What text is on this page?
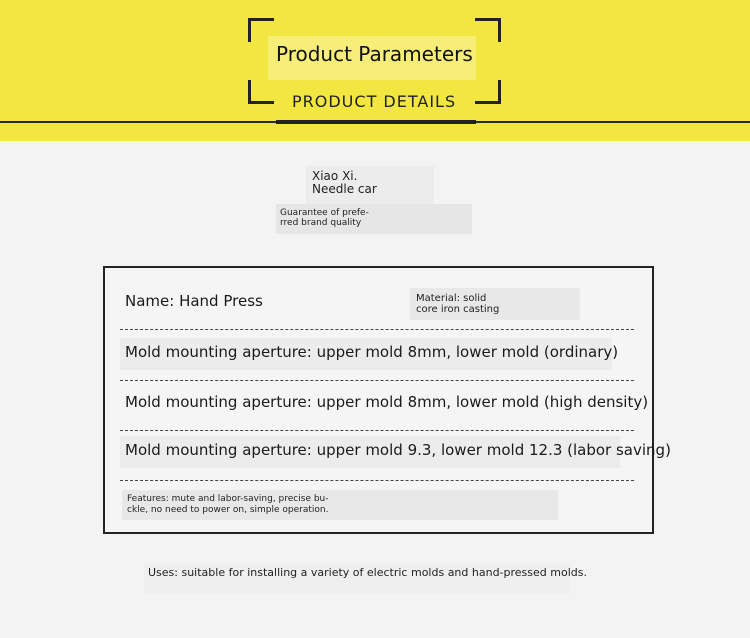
Product Parameters
PRODUCT DETAILS
Xiao Xi.
Needle car
Guarantee of prefe-
rred brand quality
Name: Hand Press	Material: solid
core iron casting
Mold mounting aperture: upper mold 8mm, lower mold (ordinary)
Mold mounting aperture: upper mold 8mm, lower mold (high density)
Mold mounting aperture: upper mold 9.3, lower mold 12.3 (labor saving)
Features: mute and labor-saving, precise bu-
ckle, no need to power on, simple operation.
Uses: suitable for installing a variety of electric molds and hand-pressed molds.
